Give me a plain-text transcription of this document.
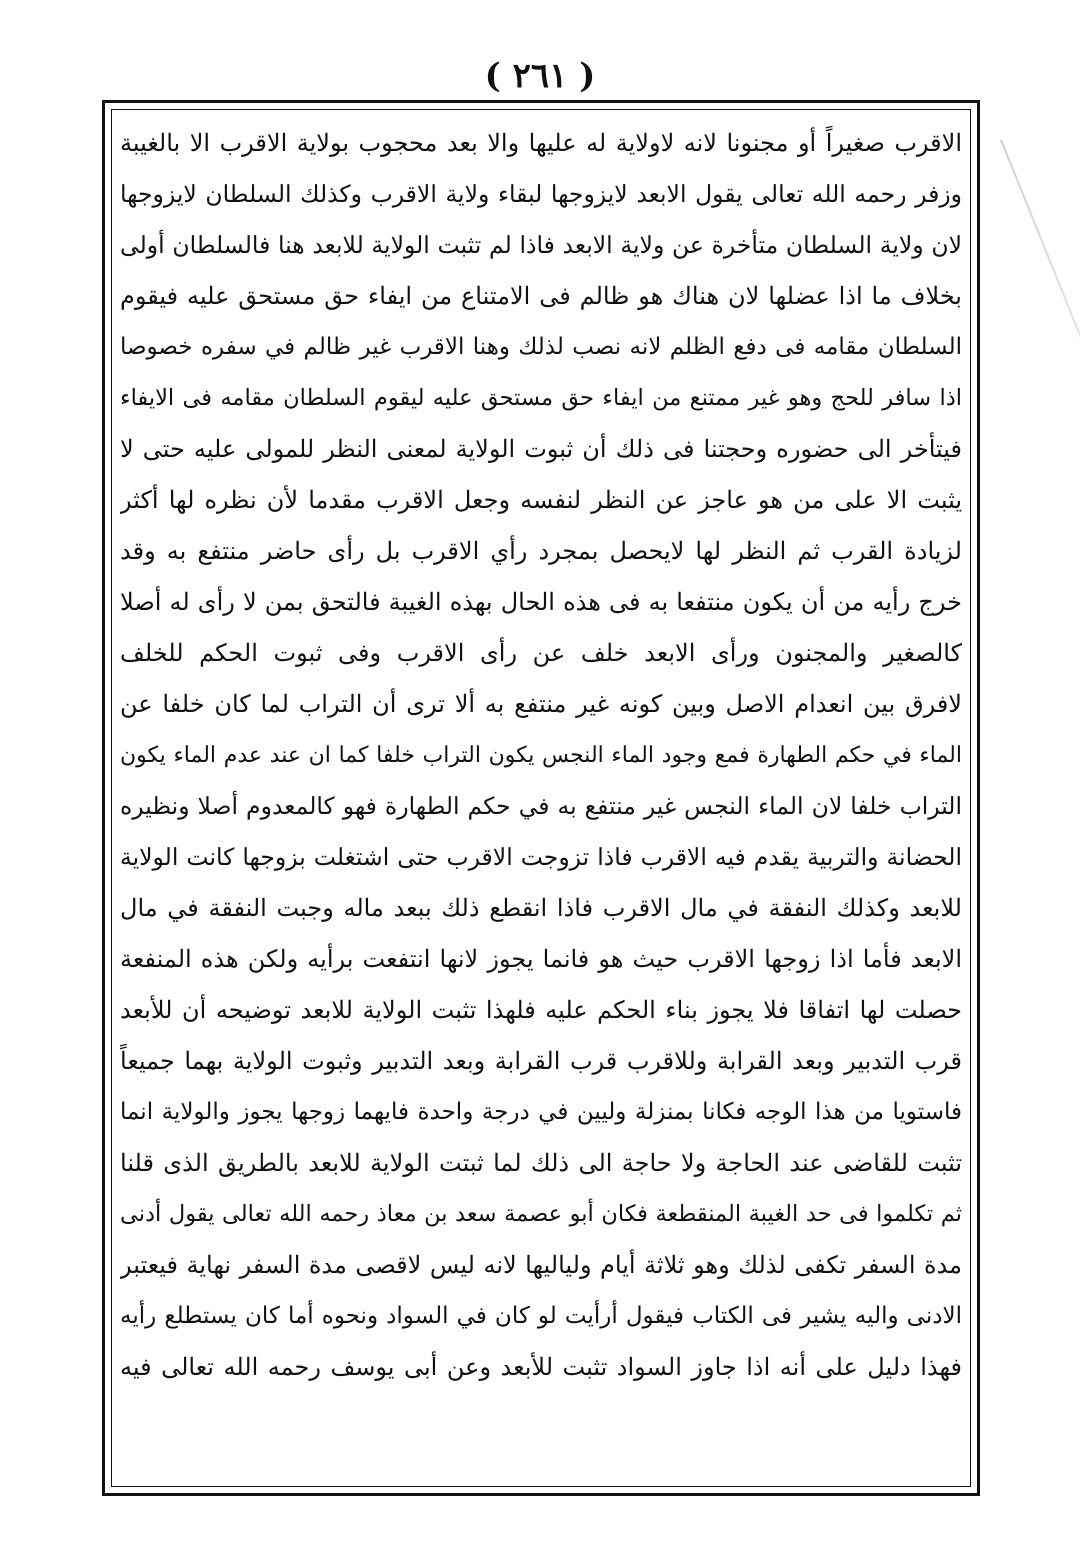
( ٢٦١ )
الاقرب صغيراً أو مجنونا لانه لاولاية له عليها والا بعد محجوب بولاية الاقرب الا بالغيبة
وزفر رحمه الله تعالى يقول الابعد لايزوجها لبقاء ولاية الاقرب وكذلك السلطان لايزوجها
لان ولاية السلطان متأخرة عن ولاية الابعد فاذا لم تثبت الولاية للابعد هنا فالسلطان أولى
بخلاف ما اذا عضلها لان هناك هو ظالم فى الامتناع من ايفاء حق مستحق عليه فيقوم
السلطان مقامه فى دفع الظلم لانه نصب لذلك وهنا الاقرب غير ظالم في سفره خصوصا
اذا سافر للحج وهو غير ممتنع من ايفاء حق مستحق عليه ليقوم السلطان مقامه فى الايفاء
فيتأخر الى حضوره وحجتنا فى ذلك أن ثبوت الولاية لمعنى النظر للمولى عليه حتى لا
يثبت الا على من هو عاجز عن النظر لنفسه وجعل الاقرب مقدما لأن نظره لها أكثر
لزيادة القرب ثم النظر لها لايحصل بمجرد رأي الاقرب بل رأى حاضر منتفع به وقد
خرج رأيه من أن يكون منتفعا به فى هذه الحال بهذه الغيبة فالتحق بمن لا رأى له أصلا
كالصغير والمجنون ورأى الابعد خلف عن رأى الاقرب وفى ثبوت الحكم للخلف
لافرق بين انعدام الاصل وبين كونه غير منتفع به ألا ترى أن التراب لما كان خلفا عن
الماء في حكم الطهارة فمع وجود الماء النجس يكون التراب خلفا كما ان عند عدم الماء يكون
التراب خلفا لان الماء النجس غير منتفع به في حكم الطهارة فهو كالمعدوم أصلا ونظيره
الحضانة والتربية يقدم فيه الاقرب فاذا تزوجت الاقرب حتى اشتغلت بزوجها كانت الولاية
للابعد وكذلك النفقة في مال الاقرب فاذا انقطع ذلك ببعد ماله وجبت النفقة في مال
الابعد فأما اذا زوجها الاقرب حيث هو فانما يجوز لانها انتفعت برأيه ولكن هذه المنفعة
حصلت لها اتفاقا فلا يجوز بناء الحكم عليه فلهذا تثبت الولاية للابعد توضيحه أن للأبعد
قرب التدبير وبعد القرابة وللاقرب قرب القرابة وبعد التدبير وثبوت الولاية بهما جميعاً
فاستويا من هذا الوجه فكانا بمنزلة وليين في درجة واحدة فايهما زوجها يجوز والولاية انما
تثبت للقاضى عند الحاجة ولا حاجة الى ذلك لما ثبتت الولاية للابعد بالطريق الذى قلنا
ثم تكلموا فى حد الغيبة المنقطعة فكان أبو عصمة سعد بن معاذ رحمه الله تعالى يقول أدنى
مدة السفر تكفى لذلك وهو ثلاثة أيام ولياليها لانه ليس لاقصى مدة السفر نهاية فيعتبر
الادنى واليه يشير فى الكتاب فيقول أرأيت لو كان في السواد ونحوه أما كان يستطلع رأيه
فهذا دليل على أنه اذا جاوز السواد تثبت للأبعد وعن أبى يوسف رحمه الله تعالى فيه
